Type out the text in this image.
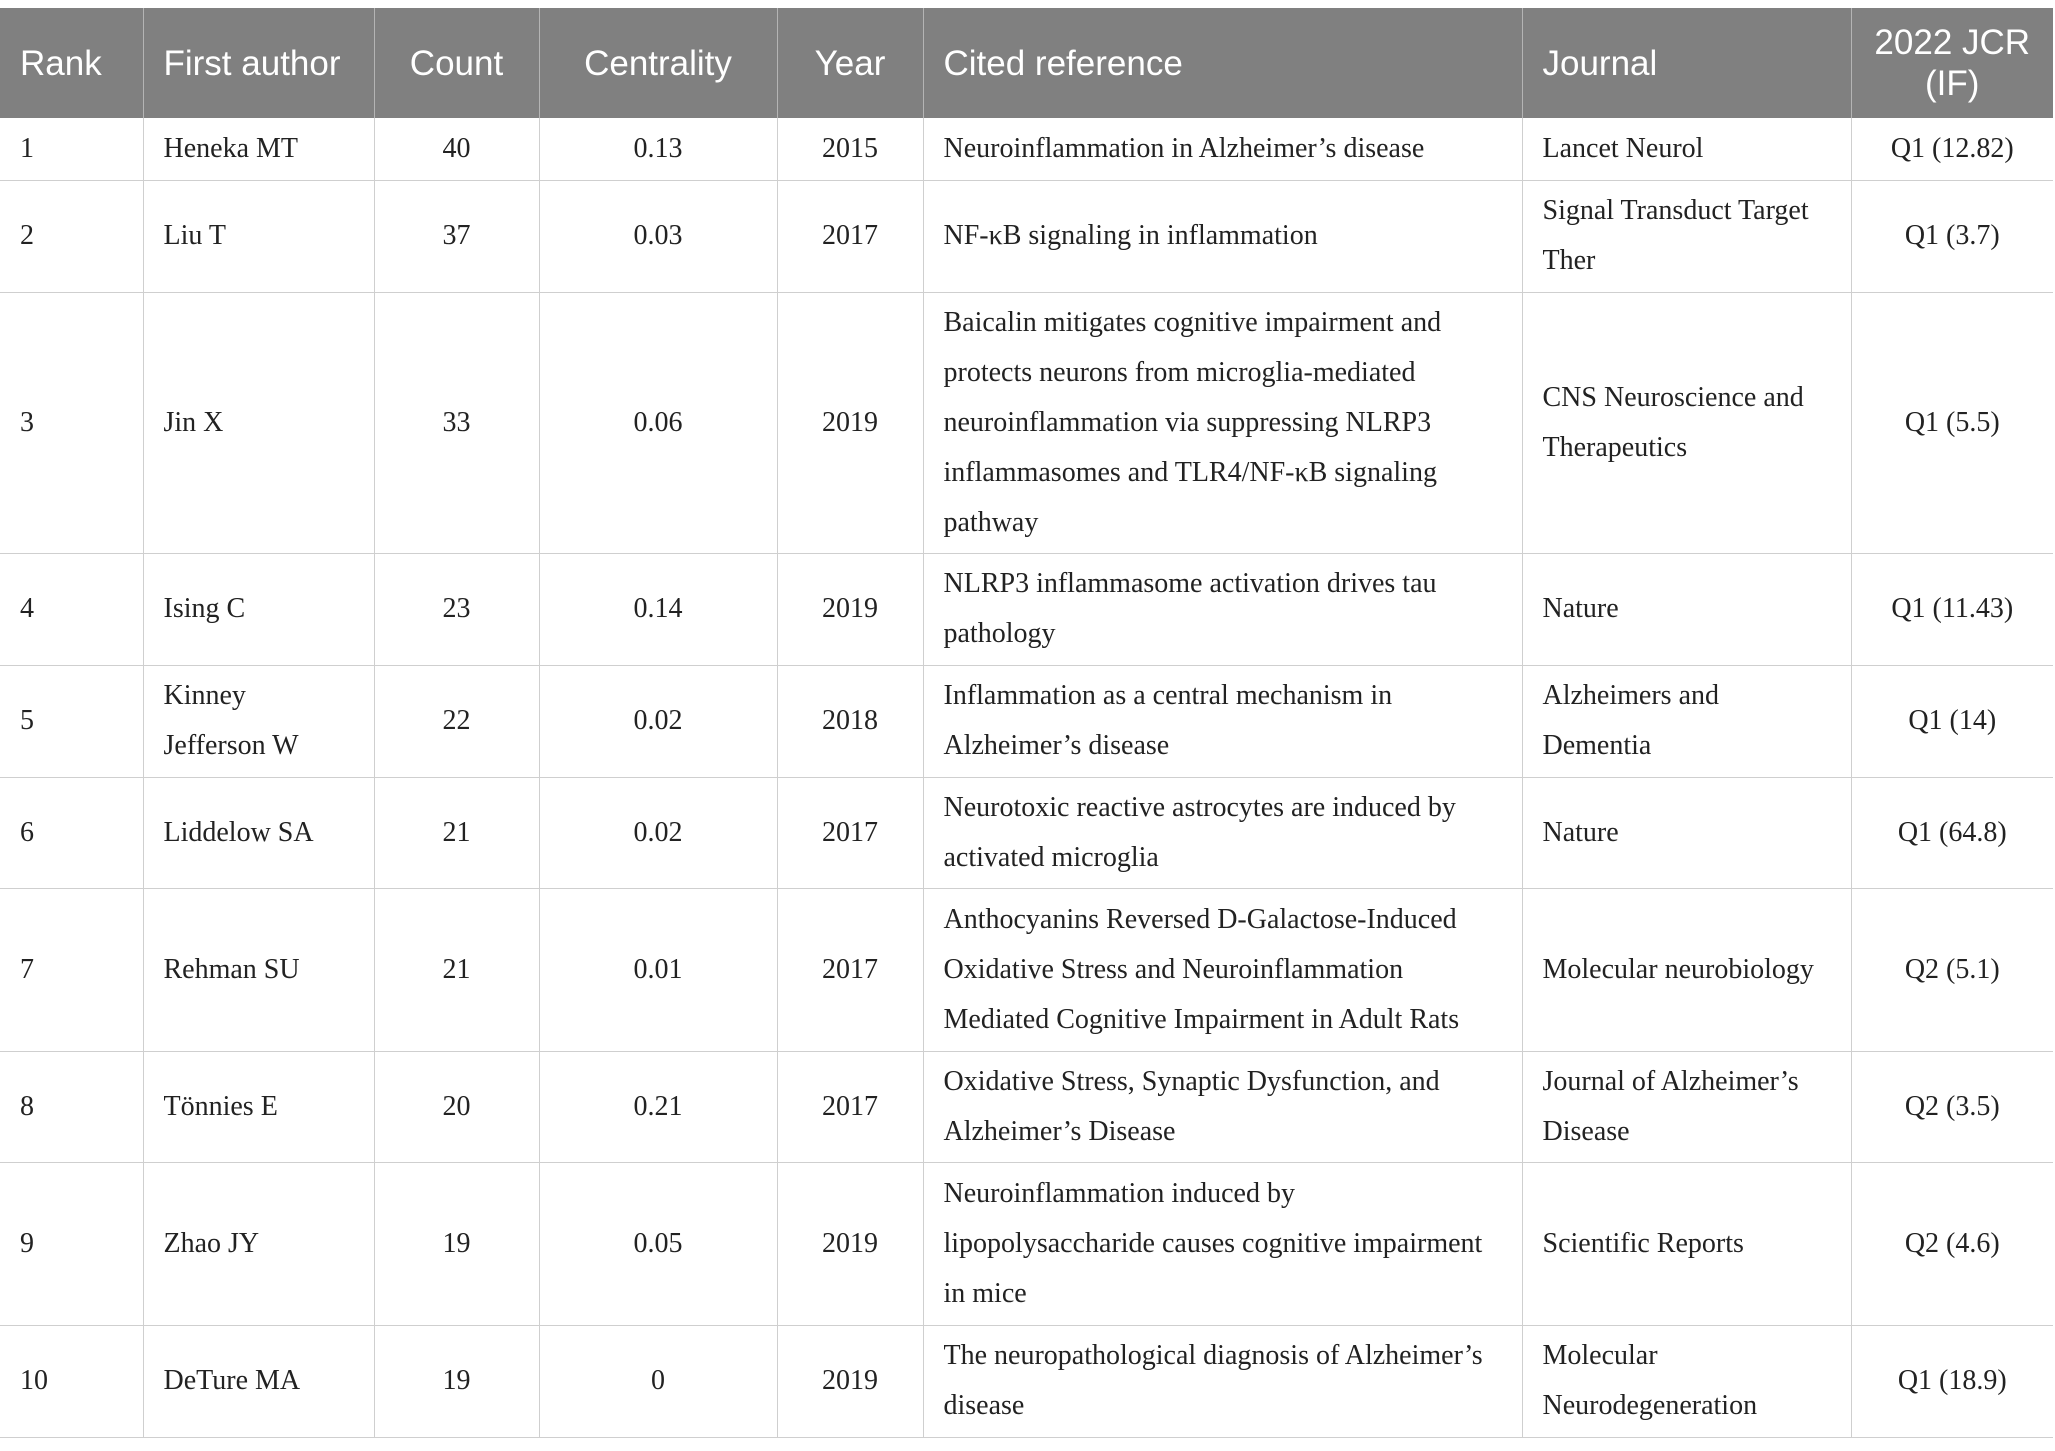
Rank	First author	Count	Centrality	Year	Cited reference	Journal	2022 JCR (IF)
1	Heneka MT	40	0.13	2015	Neuroinflammation in Alzheimer’s disease	Lancet Neurol	Q1 (12.82)
2	Liu T	37	0.03	2017	NF-κB signaling in inflammation	Signal Transduct Target Ther	Q1 (3.7)
3	Jin X	33	0.06	2019	Baicalin mitigates cognitive impairment and protects neurons from microglia-mediated neuroinflammation via suppressing NLRP3 inflammasomes and TLR4/NF-κB signaling pathway	CNS Neuroscience and Therapeutics	Q1 (5.5)
4	Ising C	23	0.14	2019	NLRP3 inflammasome activation drives tau pathology	Nature	Q1 (11.43)
5	Kinney Jefferson W	22	0.02	2018	Inflammation as a central mechanism in Alzheimer’s disease	Alzheimers and Dementia	Q1 (14)
6	Liddelow SA	21	0.02	2017	Neurotoxic reactive astrocytes are induced by activated microglia	Nature	Q1 (64.8)
7	Rehman SU	21	0.01	2017	Anthocyanins Reversed D-Galactose-Induced Oxidative Stress and Neuroinflammation Mediated Cognitive Impairment in Adult Rats	Molecular neurobiology	Q2 (5.1)
8	Tönnies E	20	0.21	2017	Oxidative Stress, Synaptic Dysfunction, and Alzheimer’s Disease	Journal of Alzheimer’s Disease	Q2 (3.5)
9	Zhao JY	19	0.05	2019	Neuroinflammation induced by lipopolysaccharide causes cognitive impairment in mice	Scientific Reports	Q2 (4.6)
10	DeTure MA	19	0	2019	The neuropathological diagnosis of Alzheimer’s disease	Molecular Neurodegeneration	Q1 (18.9)
